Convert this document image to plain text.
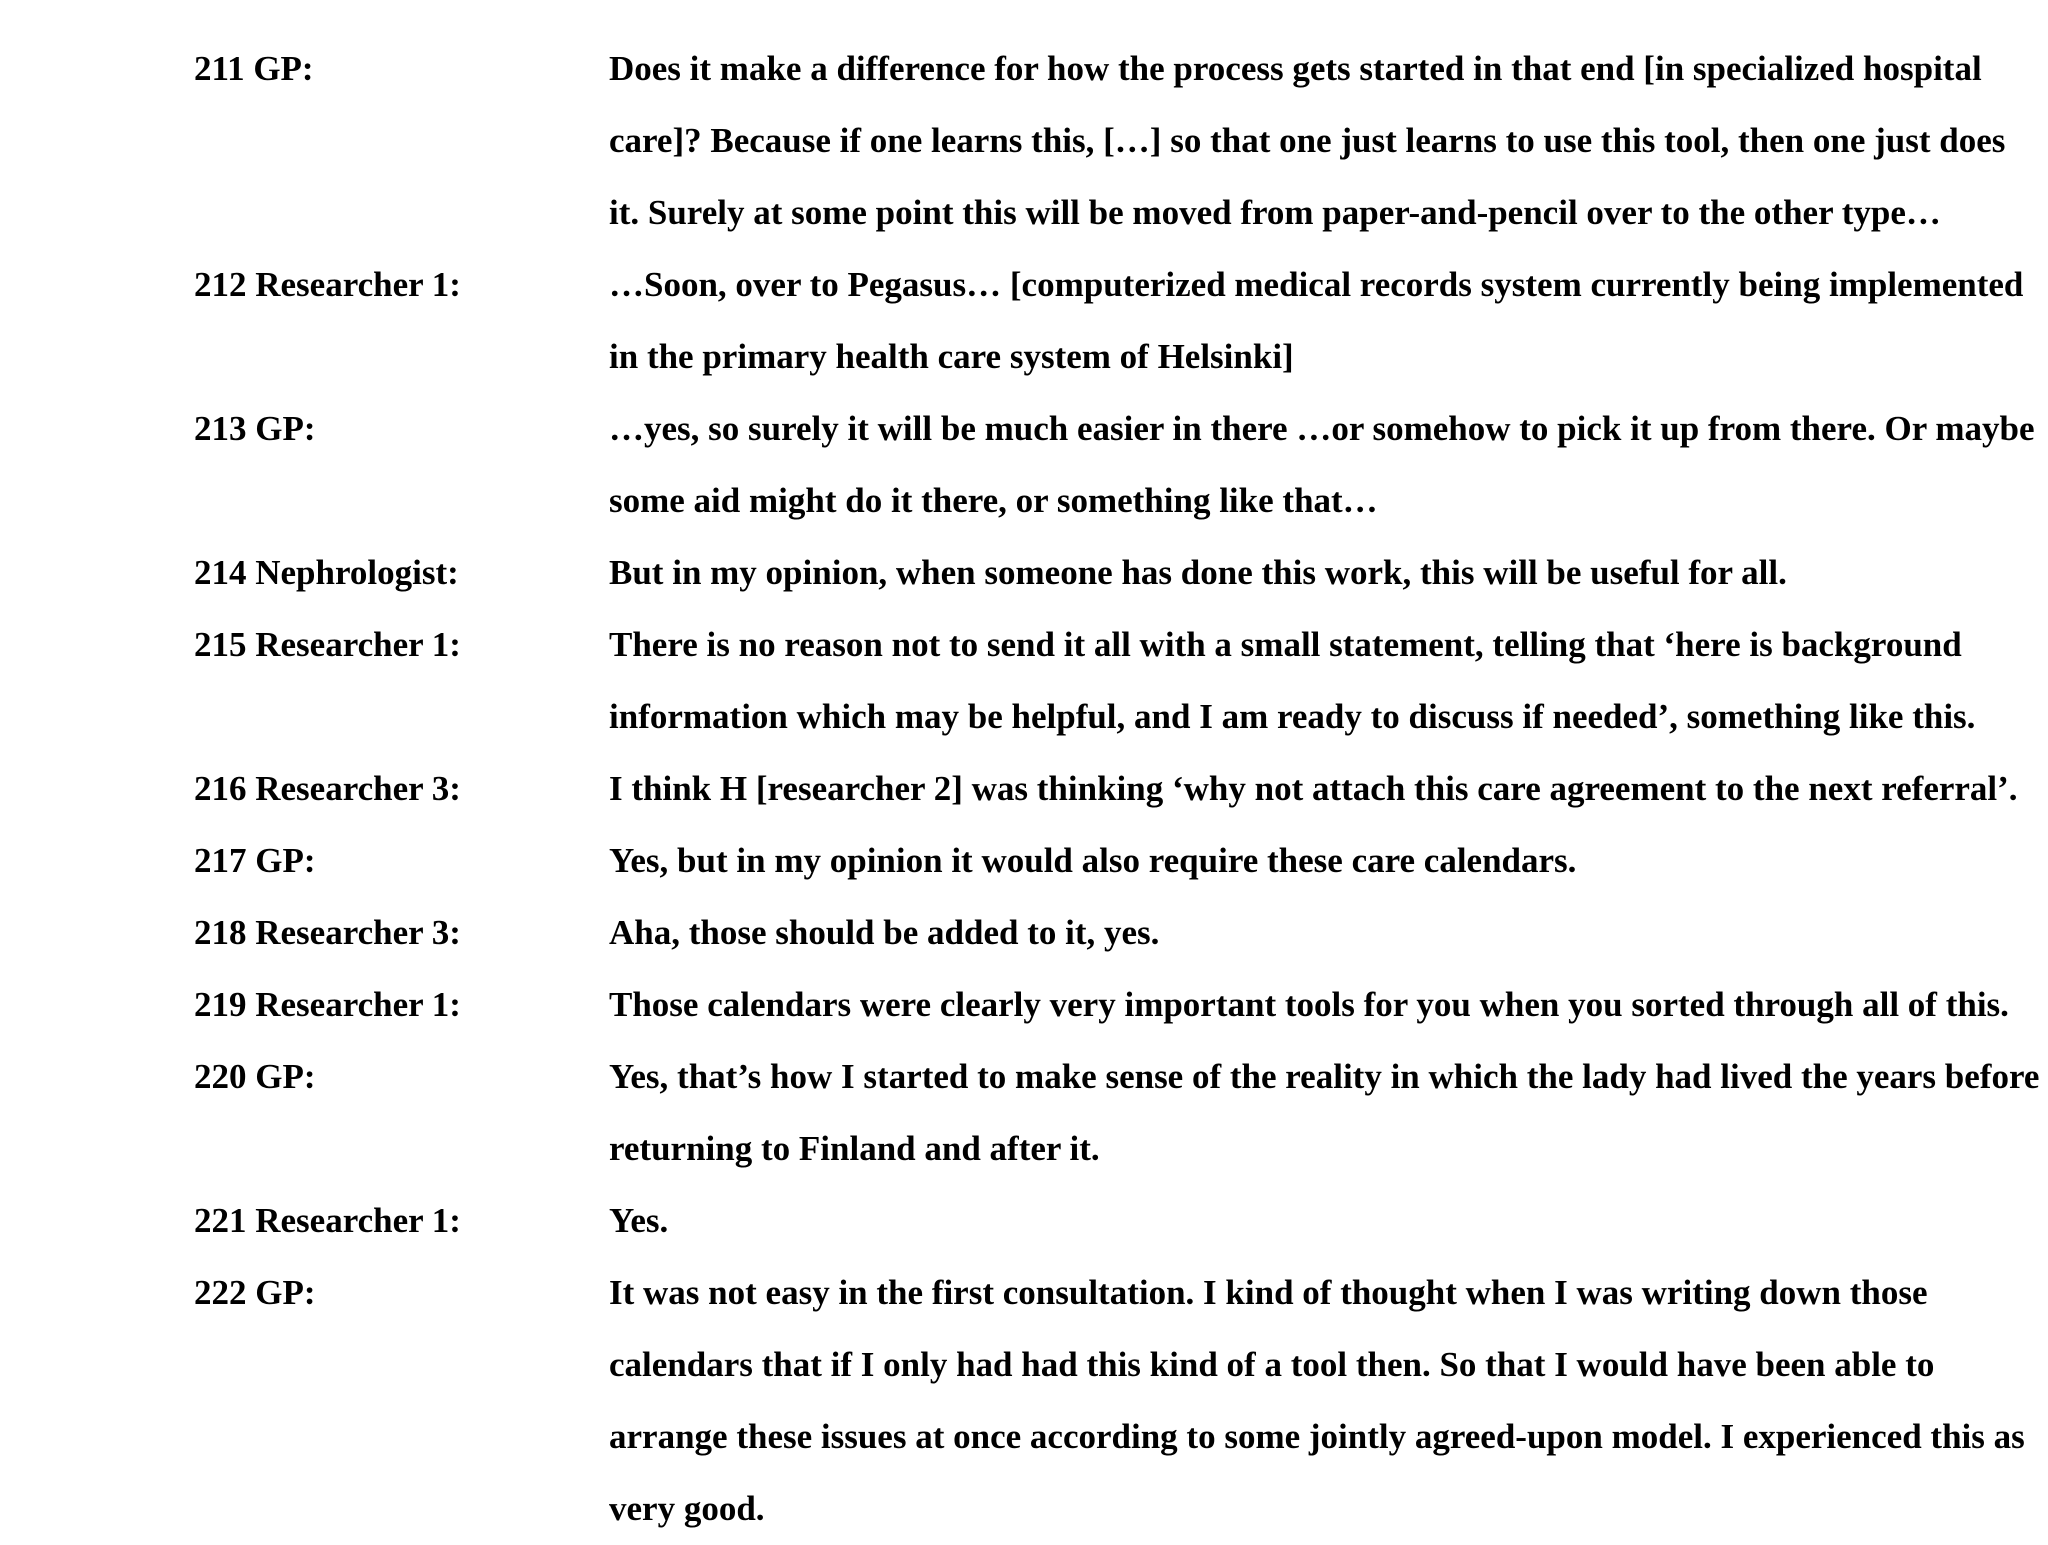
211 GP:	Does it make a difference for how the process gets started in that end [in specialized hospital
care]? Because if one learns this, […] so that one just learns to use this tool, then one just does
it. Surely at some point this will be moved from paper-and-pencil over to the other type…
212 Researcher 1:	…Soon, over to Pegasus… [computerized medical records system currently being implemented
in the primary health care system of Helsinki]
213 GP:	…yes, so surely it will be much easier in there …or somehow to pick it up from there. Or maybe
some aid might do it there, or something like that…
214 Nephrologist:	But in my opinion, when someone has done this work, this will be useful for all.
215 Researcher 1:	There is no reason not to send it all with a small statement, telling that ‘here is background
information which may be helpful, and I am ready to discuss if needed’, something like this.
216 Researcher 3:	I think H [researcher 2] was thinking ‘why not attach this care agreement to the next referral’.
217 GP:	Yes, but in my opinion it would also require these care calendars.
218 Researcher 3:	Aha, those should be added to it, yes.
219 Researcher 1:	Those calendars were clearly very important tools for you when you sorted through all of this.
220 GP:	Yes, that’s how I started to make sense of the reality in which the lady had lived the years before
returning to Finland and after it.
221 Researcher 1:	Yes.
222 GP:	It was not easy in the first consultation. I kind of thought when I was writing down those
calendars that if I only had had this kind of a tool then. So that I would have been able to
arrange these issues at once according to some jointly agreed-upon model. I experienced this as
very good.
